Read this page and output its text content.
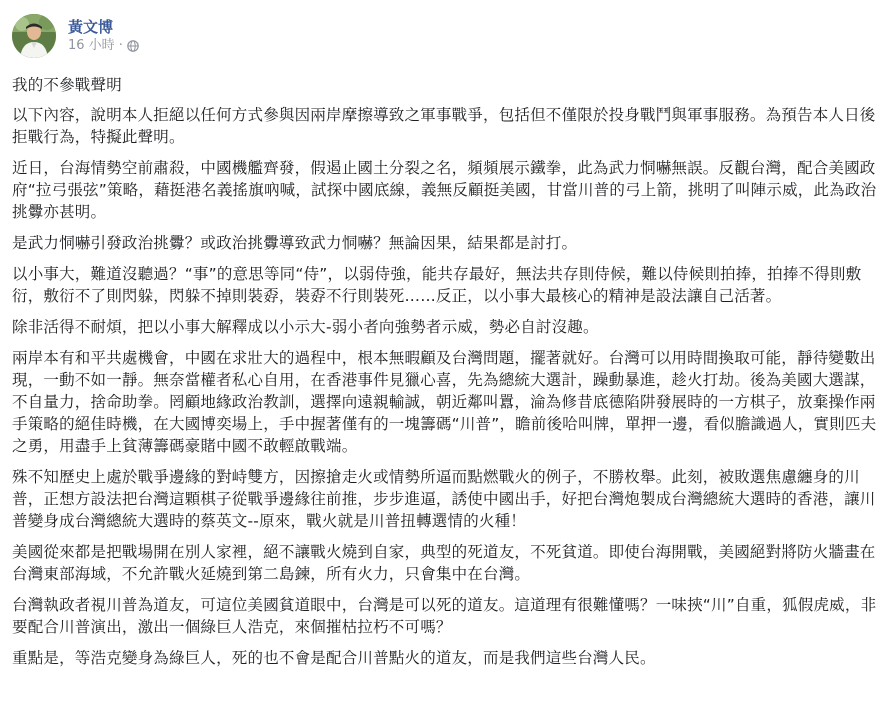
黃文博
16 小時 ·

我的不參戰聲明

以下內容，說明本人拒絕以任何方式參與因兩岸摩擦導致之軍事戰爭，包括但不僅限於投身戰鬥與軍事服務。為預告本人日後拒戰行為，特擬此聲明。

近日，台海情勢空前肅殺，中國機艦齊發，假遏止國土分裂之名，頻頻展示鐵拳，此為武力恫嚇無誤。反觀台灣，配合美國政府“拉弓張弦”策略，藉挺港名義搖旗吶喊，試探中國底線，義無反顧挺美國，甘當川普的弓上箭，挑明了叫陣示威，此為政治挑釁亦甚明。

是武力恫嚇引發政治挑釁？或政治挑釁導致武力恫嚇？無論因果，結果都是討打。

以小事大，難道沒聽過？“事”的意思等同“侍”，以弱侍強，能共存最好，無法共存則侍候，難以侍候則拍捧，拍捧不得則敷衍，敷衍不了則閃躲，閃躲不掉則裝孬，裝孬不行則裝死……反正，以小事大最核心的精神是設法讓自己活著。

除非活得不耐煩，把以小事大解釋成以小示大-弱小者向強勢者示威，勢必自討沒趣。

兩岸本有和平共處機會，中國在求壯大的過程中，根本無暇顧及台灣問題，擺著就好。台灣可以用時間換取可能，靜待變數出現，一動不如一靜。無奈當權者私心自用，在香港事件見獵心喜，先為總統大選計，躁動暴進，趁火打劫。後為美國大選謀，不自量力，捨命助拳。罔顧地緣政治教訓，選擇向遠親輸誠，朝近鄰叫囂，淪為修昔底德陷阱發展時的一方棋子，放棄操作兩手策略的絕佳時機，在大國博奕場上，手中握著僅有的一塊籌碼“川普”，瞻前後哈叫牌，單押一邊，看似膽識過人，實則匹夫之勇，用盡手上貧薄籌碼豪賭中國不敢輕啟戰端。

殊不知歷史上處於戰爭邊緣的對峙雙方，因擦搶走火或情勢所逼而點燃戰火的例子，不勝枚舉。此刻，被敗選焦慮纏身的川普，正想方設法把台灣這顆棋子從戰爭邊緣往前推，步步進逼，誘使中國出手，好把台灣炮製成台灣總統大選時的香港，讓川普變身成台灣總統大選時的蔡英文--原來，戰火就是川普扭轉選情的火種！

美國從來都是把戰場開在別人家裡，絕不讓戰火燒到自家，典型的死道友，不死貧道。即使台海開戰，美國絕對將防火牆畫在台灣東部海域，不允許戰火延燒到第二島鍊，所有火力，只會集中在台灣。

台灣執政者視川普為道友，可這位美國貧道眼中，台灣是可以死的道友。這道理有很難懂嗎？一味挾“川”自重，狐假虎威，非要配合川普演出，激出一個綠巨人浩克，來個摧枯拉朽不可嗎？

重點是，等浩克變身為綠巨人，死的也不會是配合川普點火的道友，而是我們這些台灣人民。
